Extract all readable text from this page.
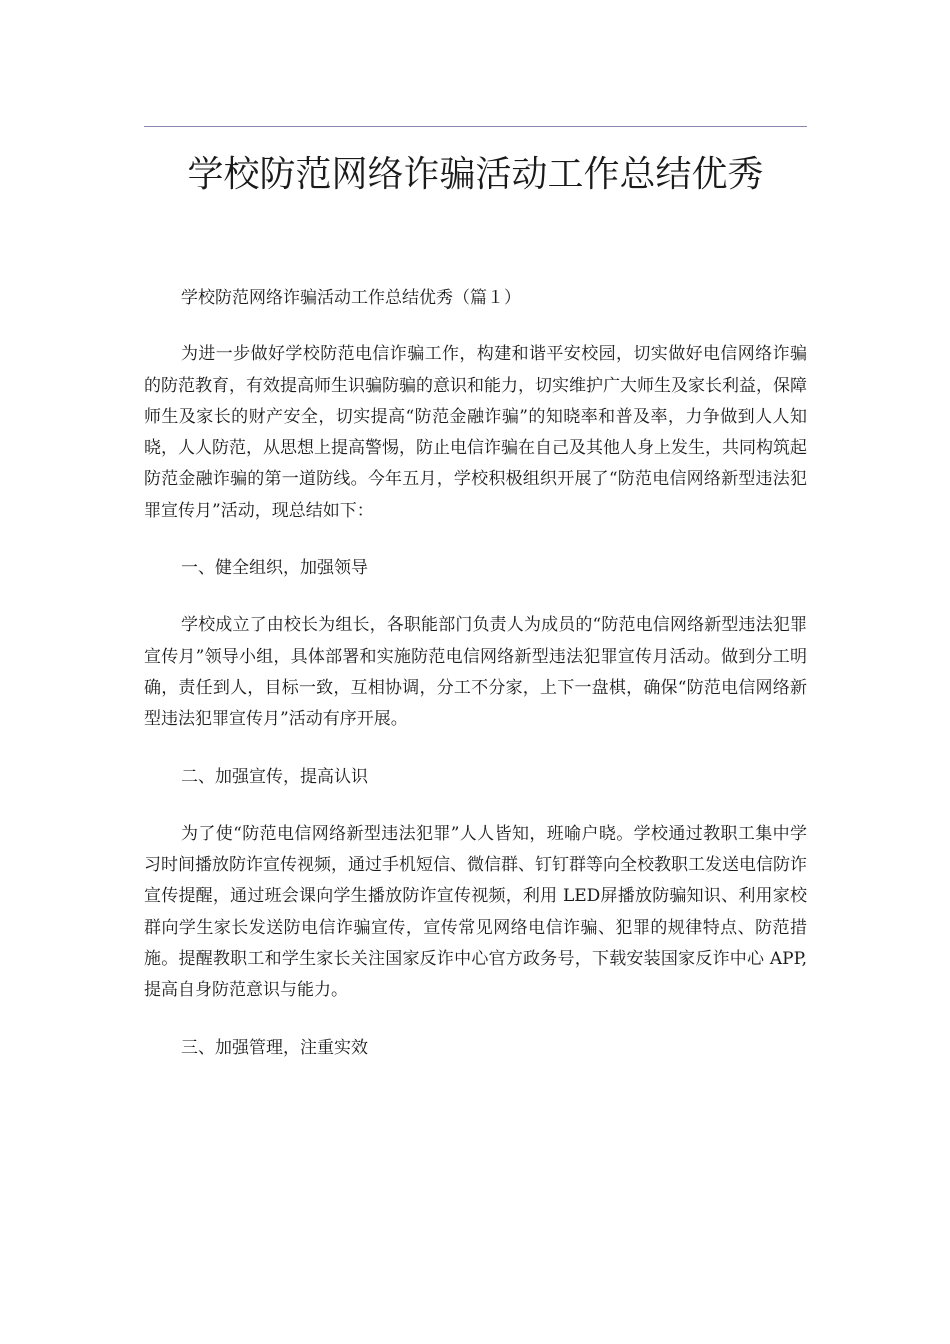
学校防范网络诈骗活动工作总结优秀

学校防范网络诈骗活动工作总结优秀（篇１）

为进一步做好学校防范电信诈骗工作，构建和谐平安校园，切实做好电信网络诈骗的防范教育，有效提高师生识骗防骗的意识和能力，切实维护广大师生及家长利益，保障师生及家长的财产安全，切实提高“防范金融诈骗”的知晓率和普及率，力争做到人人知晓，人人防范，从思想上提高警惕，防止电信诈骗在自己及其他人身上发生，共同构筑起防范金融诈骗的第一道防线。今年五月，学校积极组织开展了“防范电信网络新型违法犯罪宣传月”活动，现总结如下：

一、健全组织，加强领导

学校成立了由校长为组长，各职能部门负责人为成员的“防范电信网络新型违法犯罪宣传月”领导小组，具体部署和实施防范电信网络新型违法犯罪宣传月活动。做到分工明确，责任到人，目标一致，互相协调，分工不分家，上下一盘棋，确保“防范电信网络新型违法犯罪宣传月”活动有序开展。

二、加强宣传，提高认识

为了使“防范电信网络新型违法犯罪”人人皆知，班喻户晓。学校通过教职工集中学习时间播放防诈宣传视频，通过手机短信、微信群、钉钉群等向全校教职工发送电信防诈宣传提醒，通过班会课向学生播放防诈宣传视频，利用 LED屏播放防骗知识、利用家校群向学生家长发送防电信诈骗宣传，宣传常见网络电信诈骗、犯罪的规律特点、防范措施。提醒教职工和学生家长关注国家反诈中心官方政务号，下载安装国家反诈中心 APP,提高自身防范意识与能力。

三、加强管理，注重实效
